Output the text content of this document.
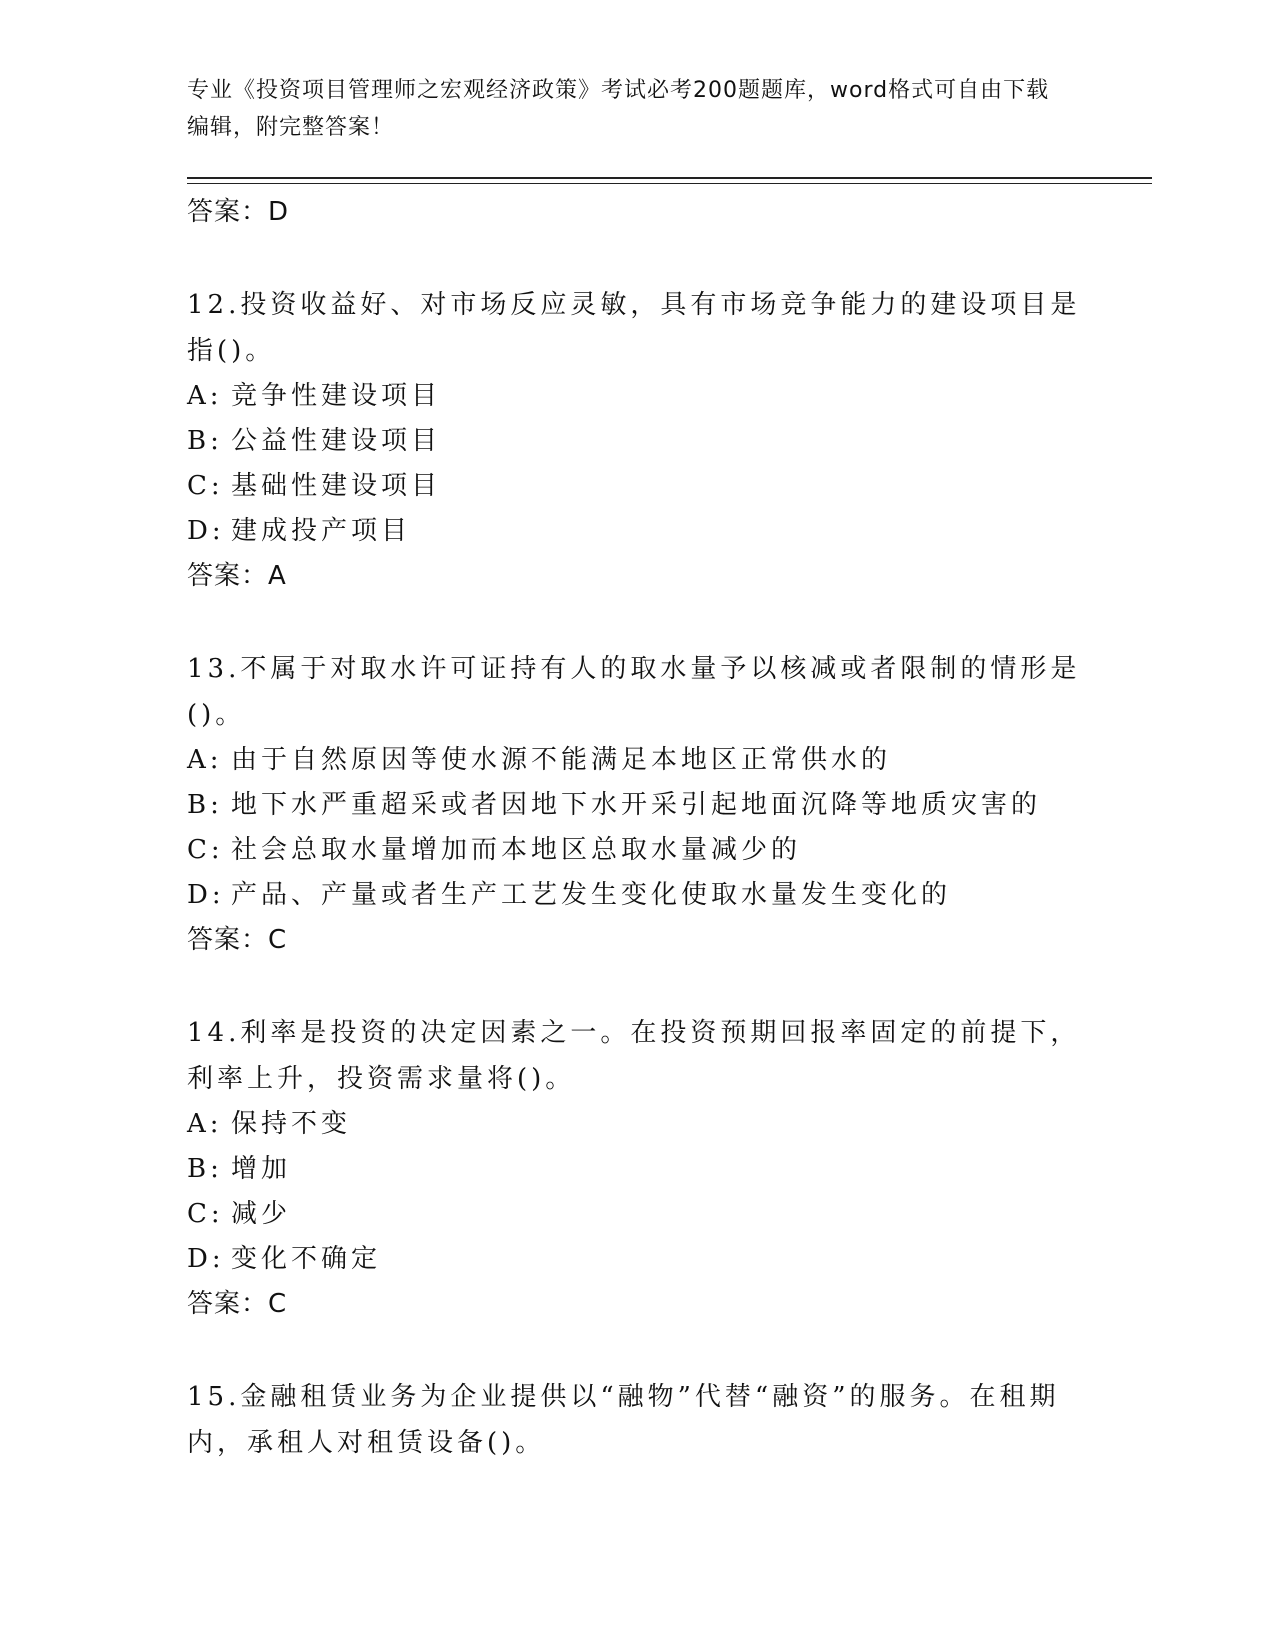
专业《投资项目管理师之宏观经济政策》考试必考200题题库，word格式可自由下载编辑，附完整答案！
答案：D
12.投资收益好、对市场反应灵敏，具有市场竞争能力的建设项目是指()。
A: 竞争性建设项目
B: 公益性建设项目
C: 基础性建设项目
D: 建成投产项目
答案：A
13.不属于对取水许可证持有人的取水量予以核减或者限制的情形是()。
A: 由于自然原因等使水源不能满足本地区正常供水的
B: 地下水严重超采或者因地下水开采引起地面沉降等地质灾害的
C: 社会总取水量增加而本地区总取水量减少的
D: 产品、产量或者生产工艺发生变化使取水量发生变化的
答案：C
14.利率是投资的决定因素之一。在投资预期回报率固定的前提下，利率上升，投资需求量将()。
A: 保持不变
B: 增加
C: 减少
D: 变化不确定
答案：C
15.金融租赁业务为企业提供以“融物”代替“融资”的服务。在租期内，承租人对租赁设备()。
